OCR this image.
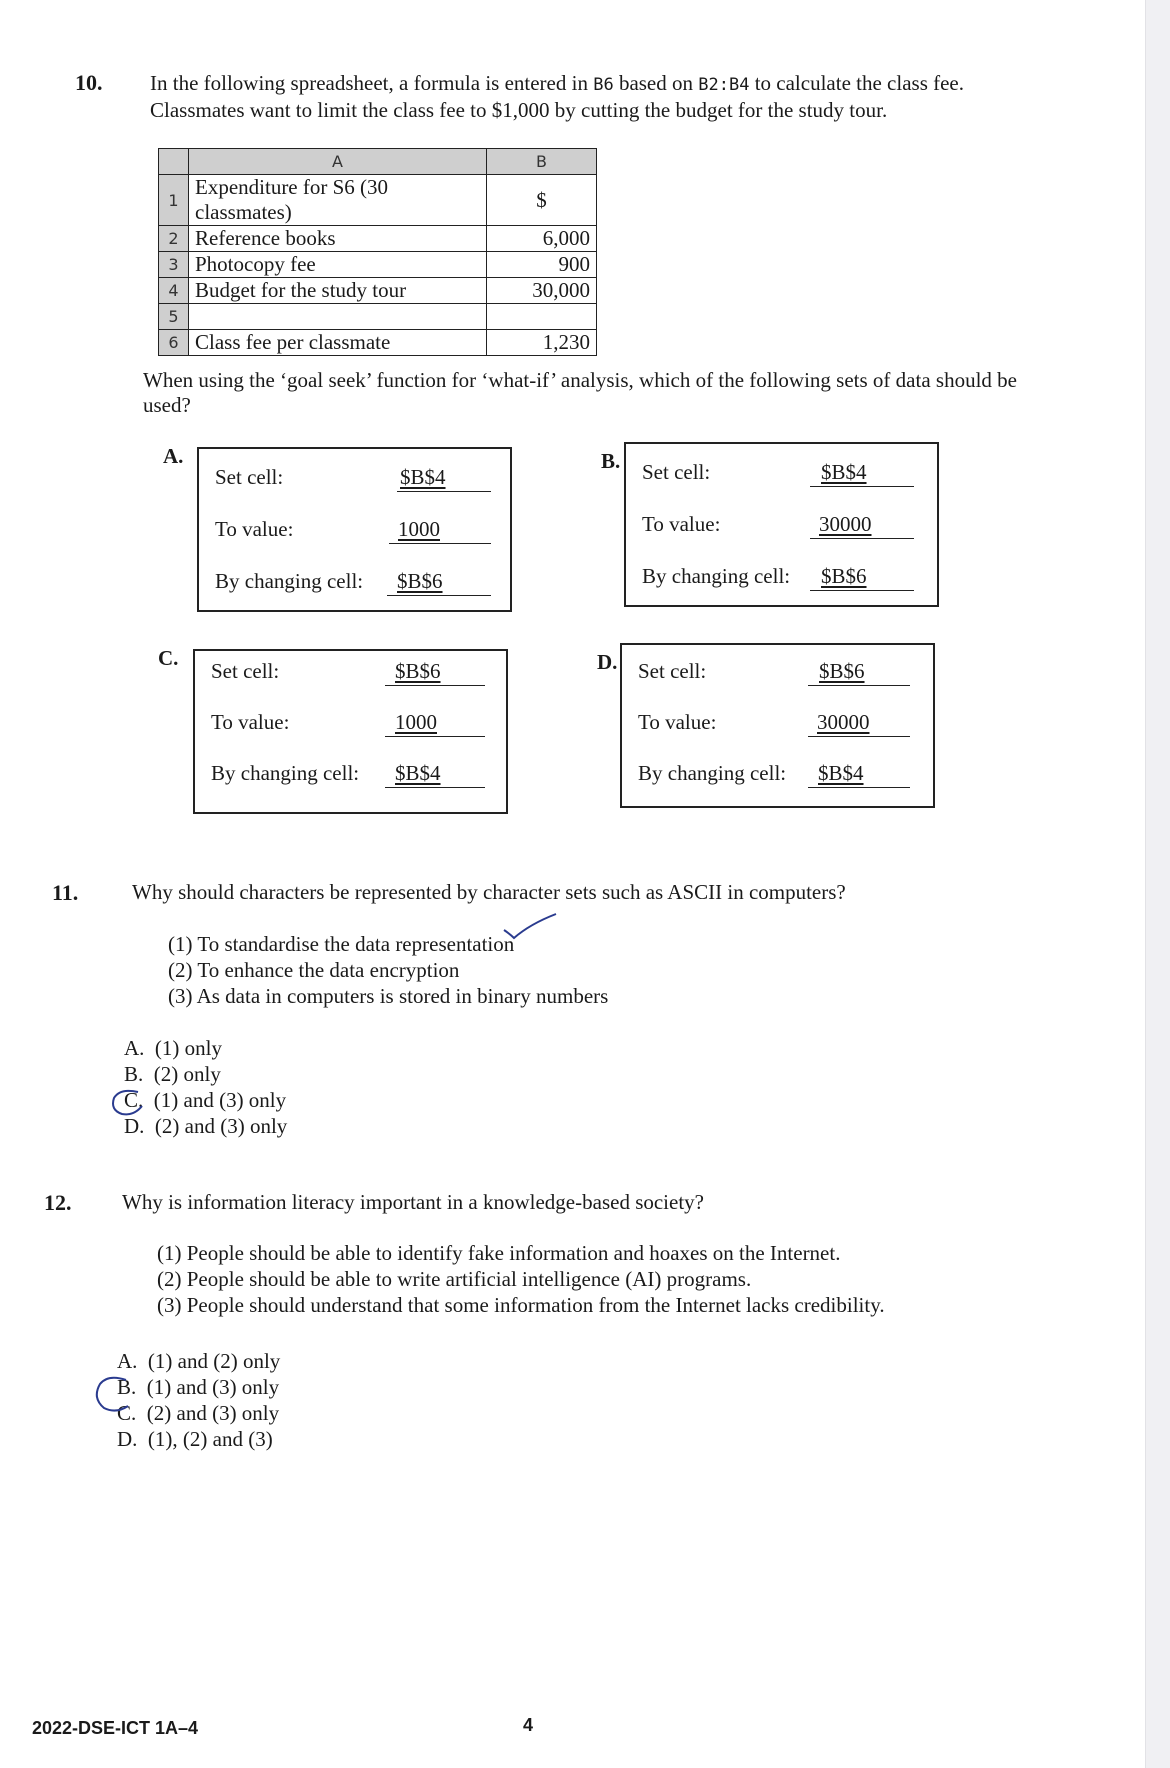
10. In the following spreadsheet, a formula is entered in B6 based on B2:B4 to calculate the class fee.
Classmates want to limit the class fee to $1,000 by cutting the budget for the study tour.
	A	B
1	Expenditure for S6 (30 classmates)	$
2	Reference books	6,000
3	Photocopy fee	900
4	Budget for the study tour	30,000
5		
6	Class fee per classmate	1,230
When using the ‘goal seek’ function for ‘what-if’ analysis, which of the following sets of data should be
used?
A.
Set cell:	$B$4
To value:	1000
By changing cell: $B$6
B. Set cell:	$B$4
To value:	30000
By changing cell: $B$6
C.
Set cell:	$B$6
To value:	1000
By changing cell: $B$4
D. Set cell:	$B$6
To value:	30000
By changing cell: $B$4
11.	Why should characters be represented by character sets such as ASCII in computers?
(1) To standardise the data representation
(2) To enhance the data encryption
(3) As data in computers is stored in binary numbers
A. (1) only
B. (2) only
C. (1) and (3) only
D. (2) and (3) only
12. Why is information literacy important in a knowledge-based society?
(1) People should be able to identify fake information and hoaxes on the Internet.
(2) People should be able to write artificial intelligence (AI) programs.
(3) People should understand that some information from the Internet lacks credibility.
A. (1) and (2) only
B. (1) and (3) only
C. (2) and (3) only
D. (1), (2) and (3)
2022-DSE-ICT 1A–4	4
